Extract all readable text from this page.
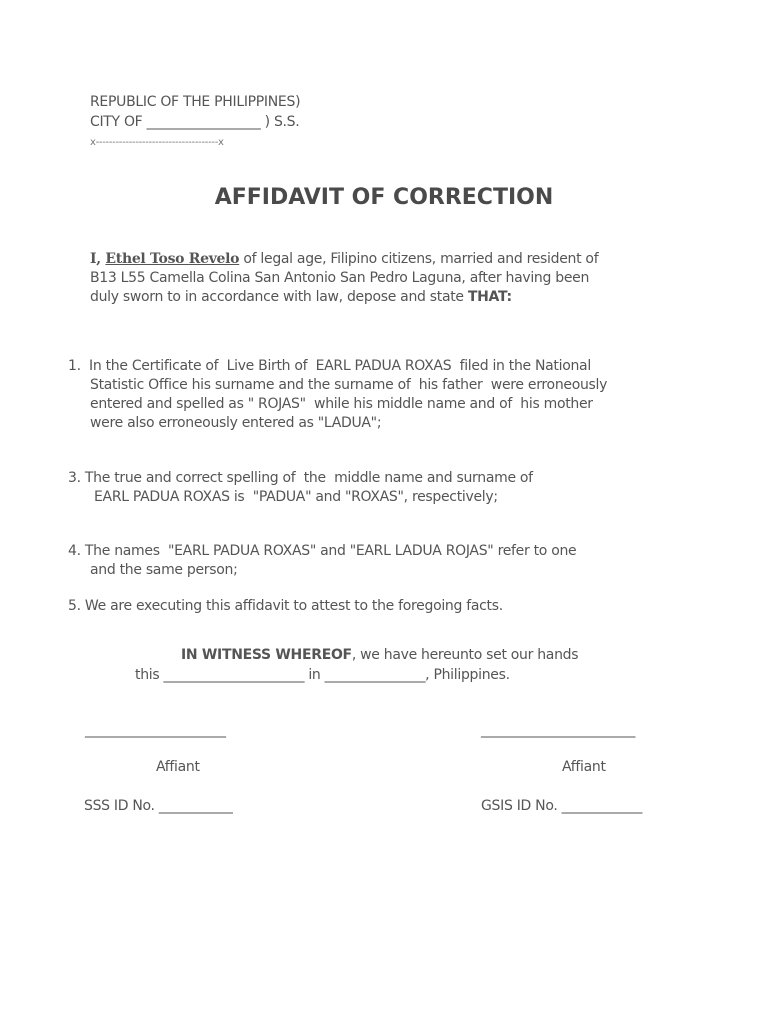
REPUBLIC OF THE PHILIPPINES)
CITY OF _________________ ) S.S.
x-------------------------------------x
AFFIDAVIT OF CORRECTION
I, Ethel Toso Revelo of legal age, Filipino citizens, married and resident of
B13 L55 Camella Colina San Antonio San Pedro Laguna, after having been
duly sworn to in accordance with law, depose and state THAT:
1.  In the Certificate of  Live Birth of  EARL PADUA ROXAS  filed in the National
Statistic Office his surname and the surname of  his father  were erroneously
entered and spelled as " ROJAS"  while his middle name and of  his mother
were also erroneously entered as "LADUA";
3. The true and correct spelling of  the  middle name and surname of
EARL PADUA ROXAS is  "PADUA" and "ROXAS", respectively;
4. The names  "EARL PADUA ROXAS" and "EARL LADUA ROJAS" refer to one
and the same person;
5. We are executing this affidavit to attest to the foregoing facts.
IN WITNESS WHEREOF, we have hereunto set our hands
this _____________________ in _______________, Philippines.
_____________________
Affiant
SSS ID No. ___________
_______________________
Affiant
GSIS ID No. ____________
